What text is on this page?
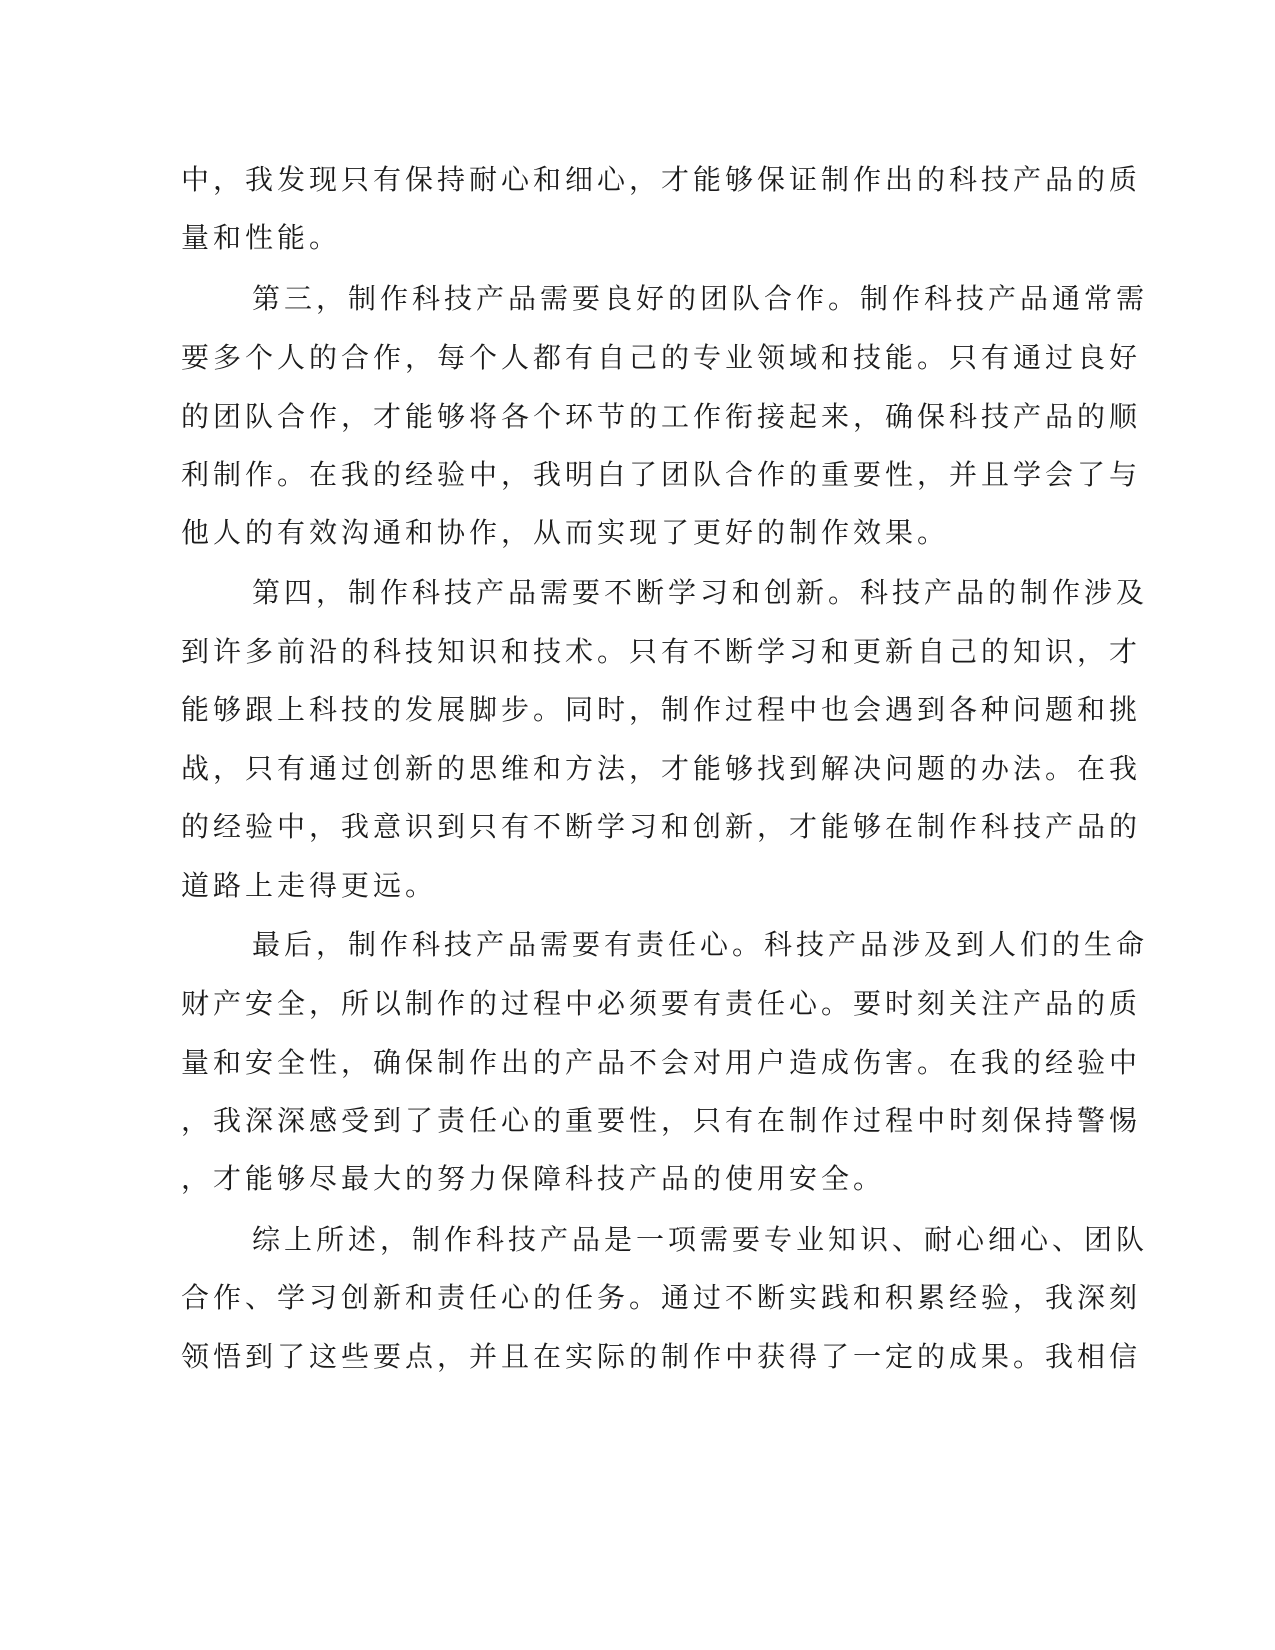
中，我发现只有保持耐心和细心，才能够保证制作出的科技产品的质
量和性能。
第三，制作科技产品需要良好的团队合作。制作科技产品通常需
要多个人的合作，每个人都有自己的专业领域和技能。只有通过良好
的团队合作，才能够将各个环节的工作衔接起来，确保科技产品的顺
利制作。在我的经验中，我明白了团队合作的重要性，并且学会了与
他人的有效沟通和协作，从而实现了更好的制作效果。
第四，制作科技产品需要不断学习和创新。科技产品的制作涉及
到许多前沿的科技知识和技术。只有不断学习和更新自己的知识，才
能够跟上科技的发展脚步。同时，制作过程中也会遇到各种问题和挑
战，只有通过创新的思维和方法，才能够找到解决问题的办法。在我
的经验中，我意识到只有不断学习和创新，才能够在制作科技产品的
道路上走得更远。
最后，制作科技产品需要有责任心。科技产品涉及到人们的生命
财产安全，所以制作的过程中必须要有责任心。要时刻关注产品的质
量和安全性，确保制作出的产品不会对用户造成伤害。在我的经验中
，我深深感受到了责任心的重要性，只有在制作过程中时刻保持警惕
，才能够尽最大的努力保障科技产品的使用安全。
综上所述，制作科技产品是一项需要专业知识、耐心细心、团队
合作、学习创新和责任心的任务。通过不断实践和积累经验，我深刻
领悟到了这些要点，并且在实际的制作中获得了一定的成果。我相信
